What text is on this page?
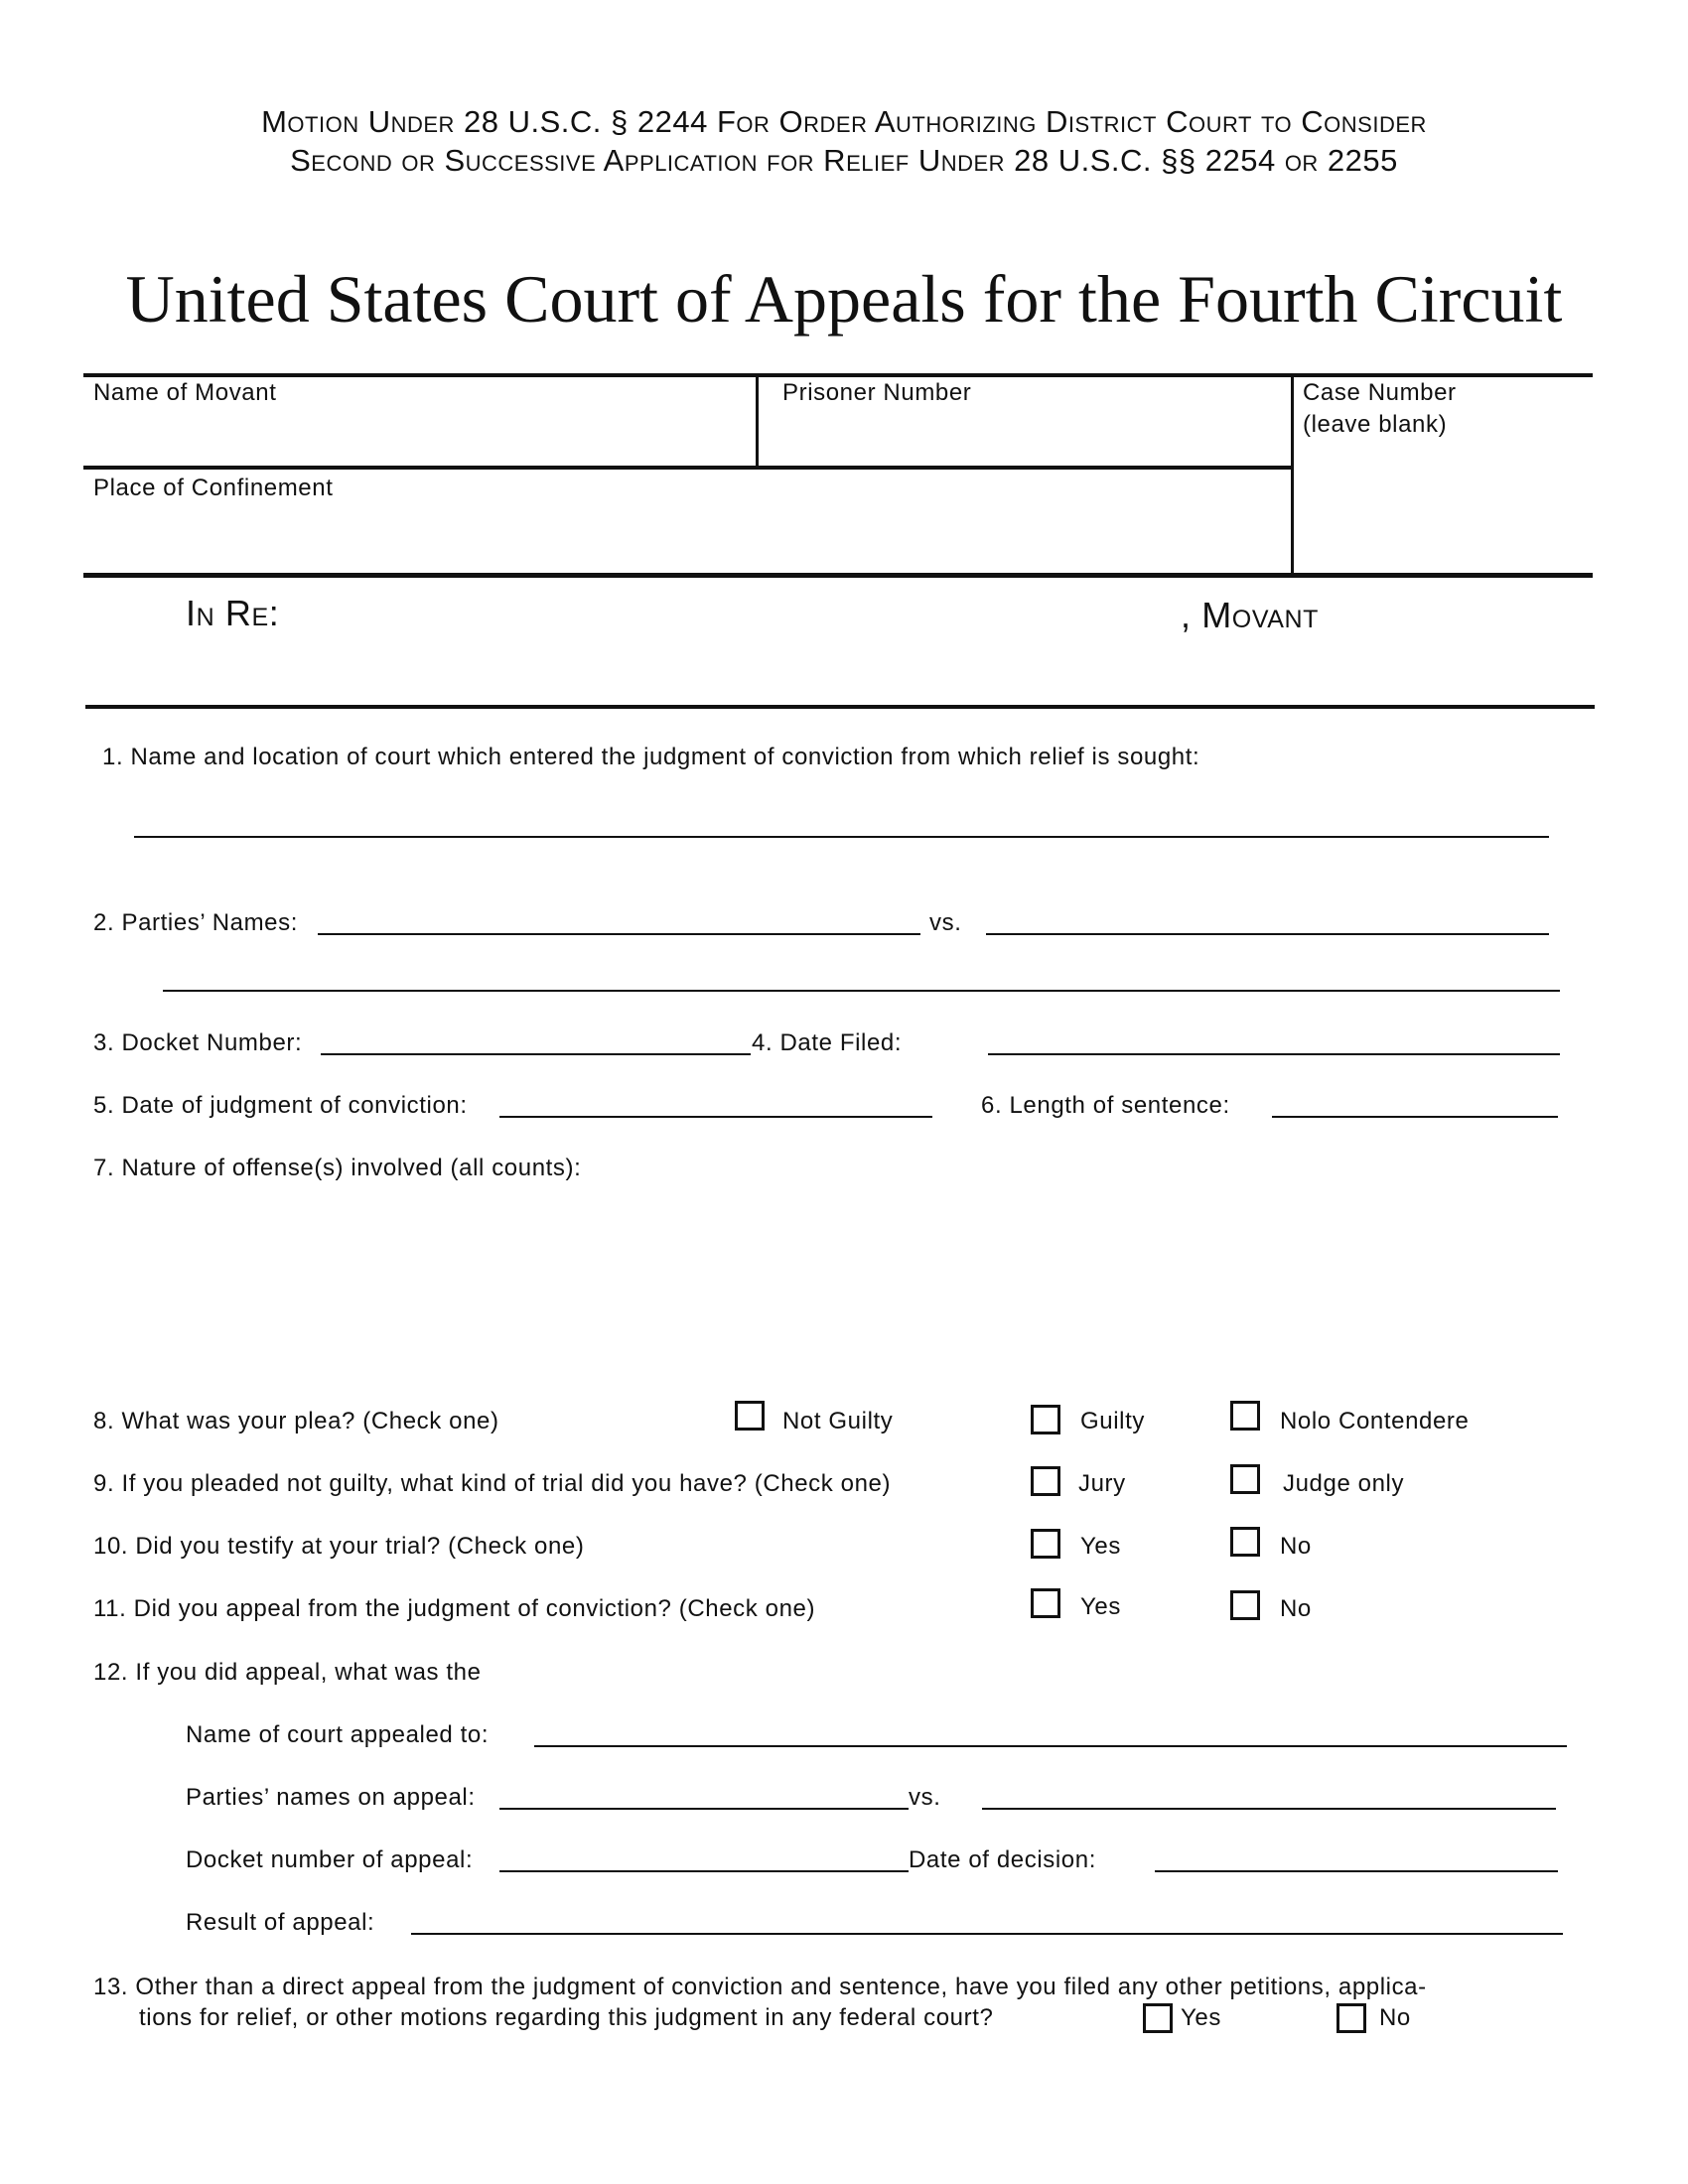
Motion Under 28 U.S.C. § 2244 For Order Authorizing District Court to Consider
Second or Successive Application for Relief Under 28 U.S.C. §§ 2254 or 2255
United States Court of Appeals for the Fourth Circuit
Name of Movant	Prisoner Number	Case Number
(leave blank)
Place of Confinement
In Re:	, Movant
1. Name and location of court which entered the judgment of conviction from which relief is sought:
2. Parties’ Names:	vs.
3. Docket Number:	4. Date Filed:
5. Date of judgment of conviction:	6. Length of sentence:
7. Nature of offense(s) involved (all counts):
8. What was your plea? (Check one)	Not Guilty	Guilty	Nolo Contendere
9. If you pleaded not guilty, what kind of trial did you have? (Check one)	Jury	Judge only
10. Did you testify at your trial? (Check one)	Yes	No
11. Did you appeal from the judgment of conviction? (Check one)	Yes	No
12. If you did appeal, what was the
Name of court appealed to:
Parties’ names on appeal:	vs.
Docket number of appeal:	Date of decision:
Result of appeal:
13. Other than a direct appeal from the judgment of conviction and sentence, have you filed any other petitions, applica-
tions for relief, or other motions regarding this judgment in any federal court?	Yes	No
